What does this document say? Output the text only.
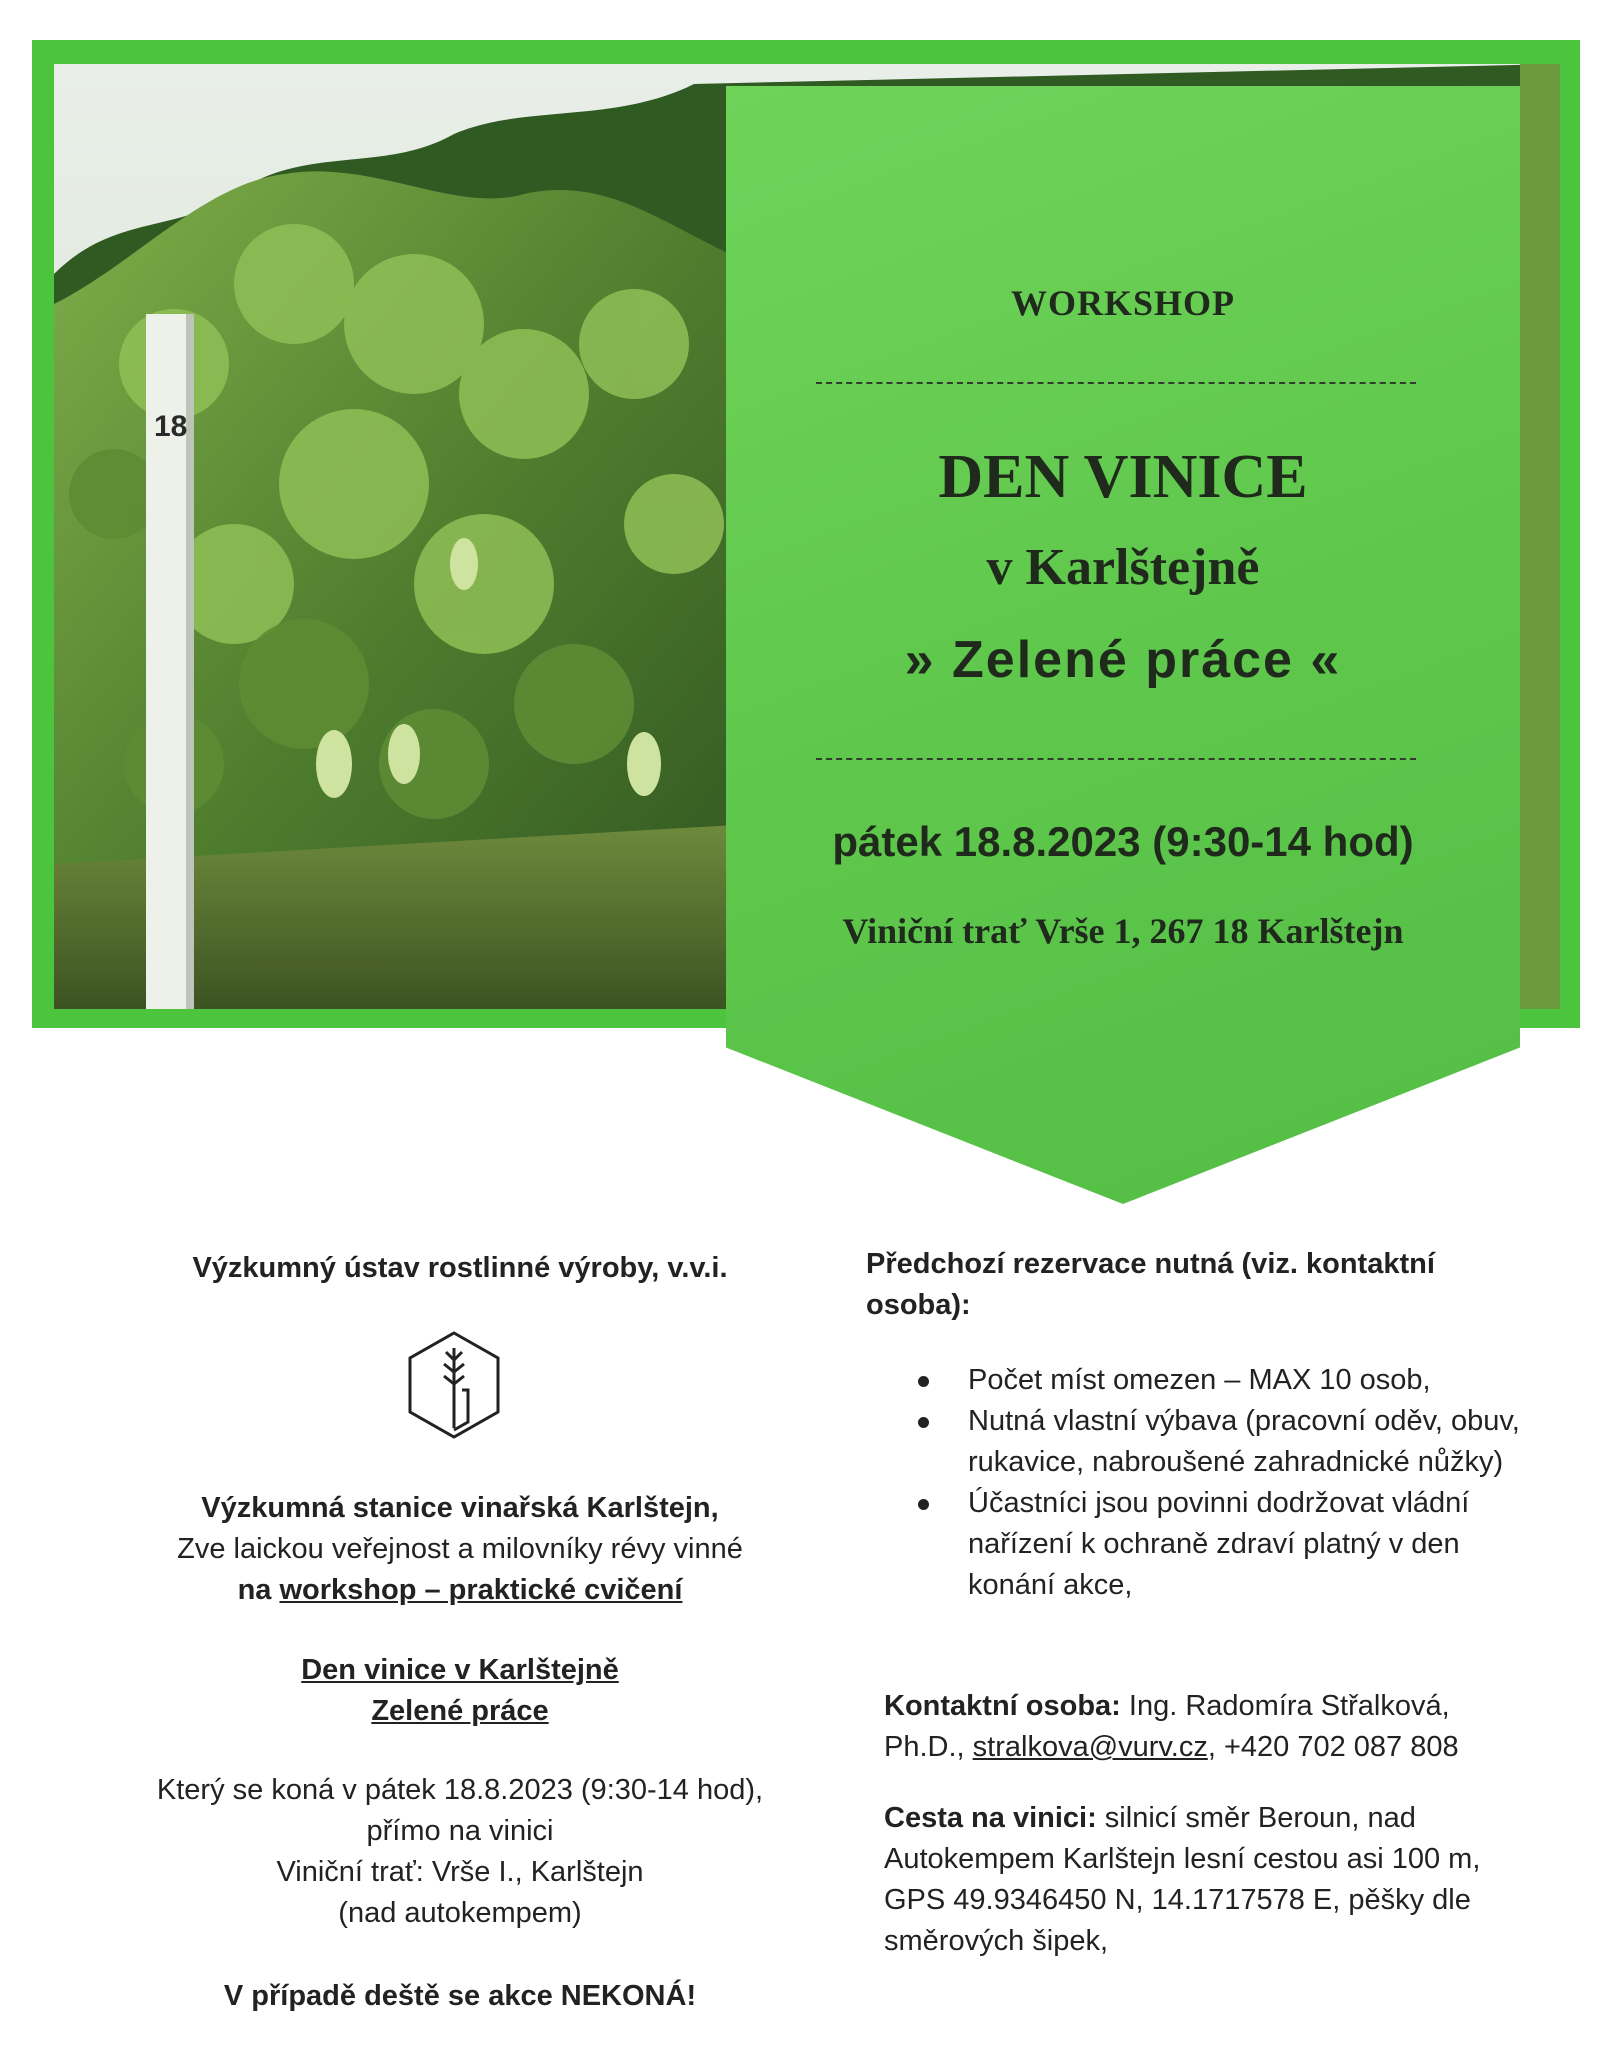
18
WORKSHOP
DEN VINICE
v Karlštejně
» Zelené práce «
pátek 18.8.2023 (9:30-14 hod)
Viniční trať Vrše 1, 267 18 Karlštejn
Výzkumný ústav rostlinné výroby, v.v.i.
Výzkumná stanice vinařská Karlštejn,
Zve laickou veřejnost a milovníky révy vinné
na workshop – praktické cvičení
Den vinice v Karlštejně
Zelené práce
Který se koná v pátek 18.8.2023 (9:30-14 hod),
přímo na vinici
Viniční trať: Vrše I., Karlštejn
(nad autokempem)
V případě deště se akce NEKONÁ!
Předchozí rezervace nutná (viz. kontaktní osoba):
Počet míst omezen – MAX 10 osob,
Nutná vlastní výbava (pracovní oděv, obuv, rukavice, nabroušené zahradnické nůžky)
Účastníci jsou povinni dodržovat vládní nařízení k ochraně zdraví platný v den konání akce,
Kontaktní osoba: Ing. Radomíra Střalková, Ph.D., stralkova@vurv.cz, +420 702 087 808
Cesta na vinici: silnicí směr Beroun, nad Autokempem Karlštejn lesní cestou asi 100 m, GPS 49.9346450 N, 14.1717578 E, pěšky dle směrových šipek,
